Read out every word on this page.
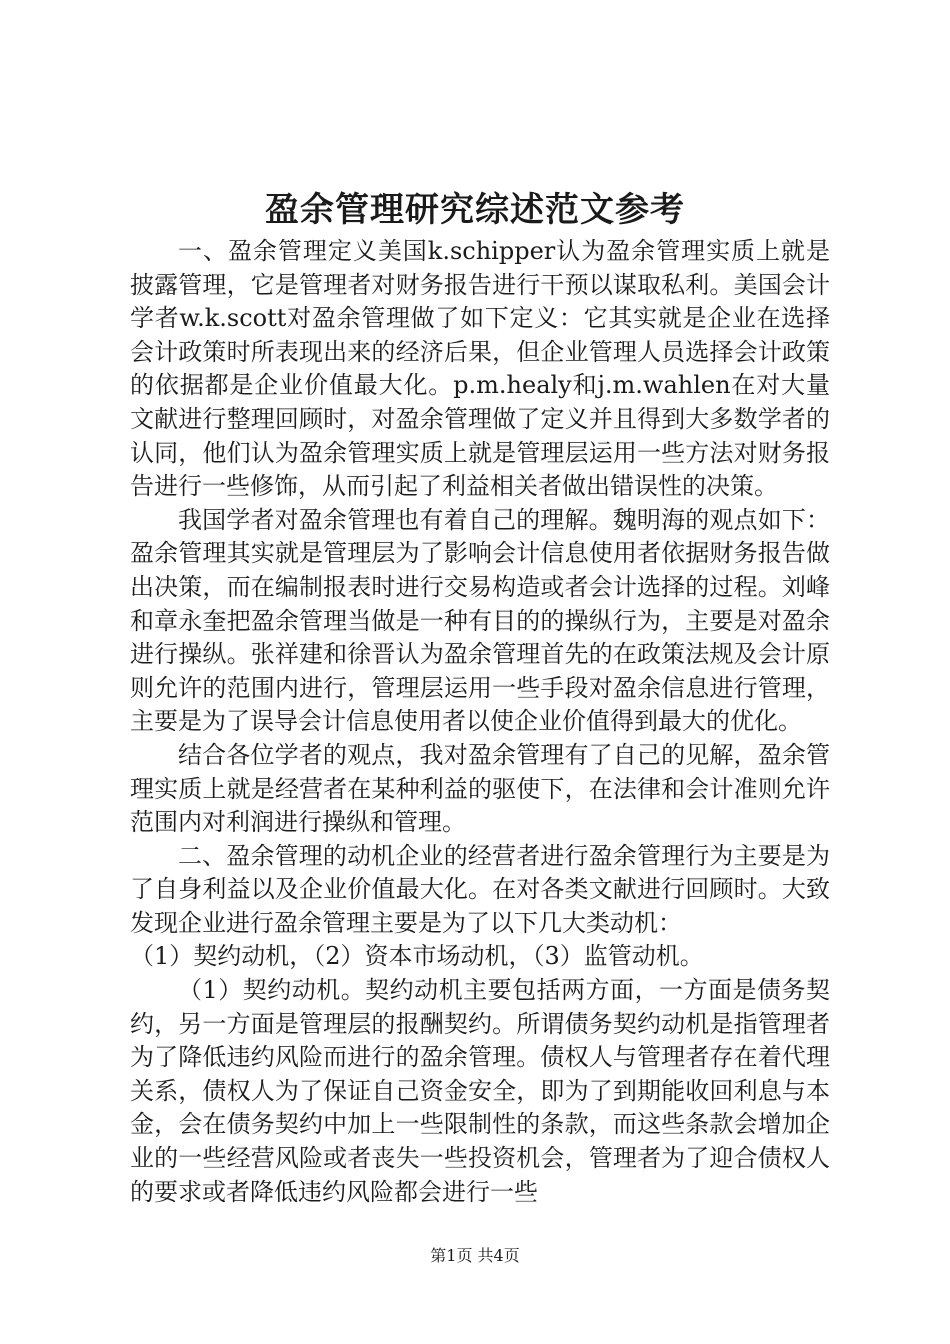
盈余管理研究综述范文参考

一、盈余管理定义美国k.schipper认为盈余管理实质上就是披露管理，它是管理者对财务报告进行干预以谋取私利。美国会计学者w.k.scott对盈余管理做了如下定义：它其实就是企业在选择会计政策时所表现出来的经济后果，但企业管理人员选择会计政策的依据都是企业价值最大化。p.m.healy和j.m.wahlen在对大量文献进行整理回顾时，对盈余管理做了定义并且得到大多数学者的认同，他们认为盈余管理实质上就是管理层运用一些方法对财务报告进行一些修饰，从而引起了利益相关者做出错误性的决策。

我国学者对盈余管理也有着自己的理解。魏明海的观点如下：盈余管理其实就是管理层为了影响会计信息使用者依据财务报告做出决策，而在编制报表时进行交易构造或者会计选择的过程。刘峰和章永奎把盈余管理当做是一种有目的的操纵行为，主要是对盈余进行操纵。张祥建和徐晋认为盈余管理首先的在政策法规及会计原则允许的范围内进行，管理层运用一些手段对盈余信息进行管理，主要是为了误导会计信息使用者以使企业价值得到最大的优化。

结合各位学者的观点，我对盈余管理有了自己的见解，盈余管理实质上就是经营者在某种利益的驱使下，在法律和会计准则允许范围内对利润进行操纵和管理。

二、盈余管理的动机企业的经营者进行盈余管理行为主要是为了自身利益以及企业价值最大化。在对各类文献进行回顾时。大致发现企业进行盈余管理主要是为了以下几大类动机：

（1）契约动机，（2）资本市场动机，（3）监管动机。

（1）契约动机。契约动机主要包括两方面，一方面是债务契约，另一方面是管理层的报酬契约。所谓债务契约动机是指管理者为了降低违约风险而进行的盈余管理。债权人与管理者存在着代理关系，债权人为了保证自己资金安全，即为了到期能收回利息与本金，会在债务契约中加上一些限制性的条款，而这些条款会增加企业的一些经营风险或者丧失一些投资机会，管理者为了迎合债权人的要求或者降低违约风险都会进行一些

第1页 共4页
